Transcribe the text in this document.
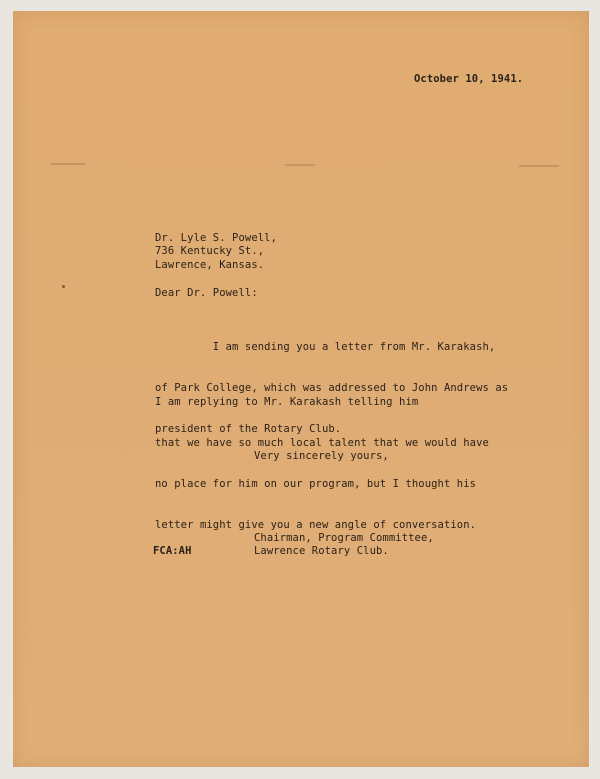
October 10, 1941.
Dr. Lyle S. Powell,
736 Kentucky St.,
Lawrence, Kansas.
Dear Dr. Powell:

I am sending you a letter from Mr. Karakash,

of Park College, which was addressed to John Andrews as

president of the Rotary Club.

I am replying to Mr. Karakash telling him

that we have so much local talent that we would have

no place for him on our program, but I thought his

letter might give you a new angle of conversation.

Very sincerely yours,
Chairman, Program Committee,
Lawrence Rotary Club.
FCA:AH
